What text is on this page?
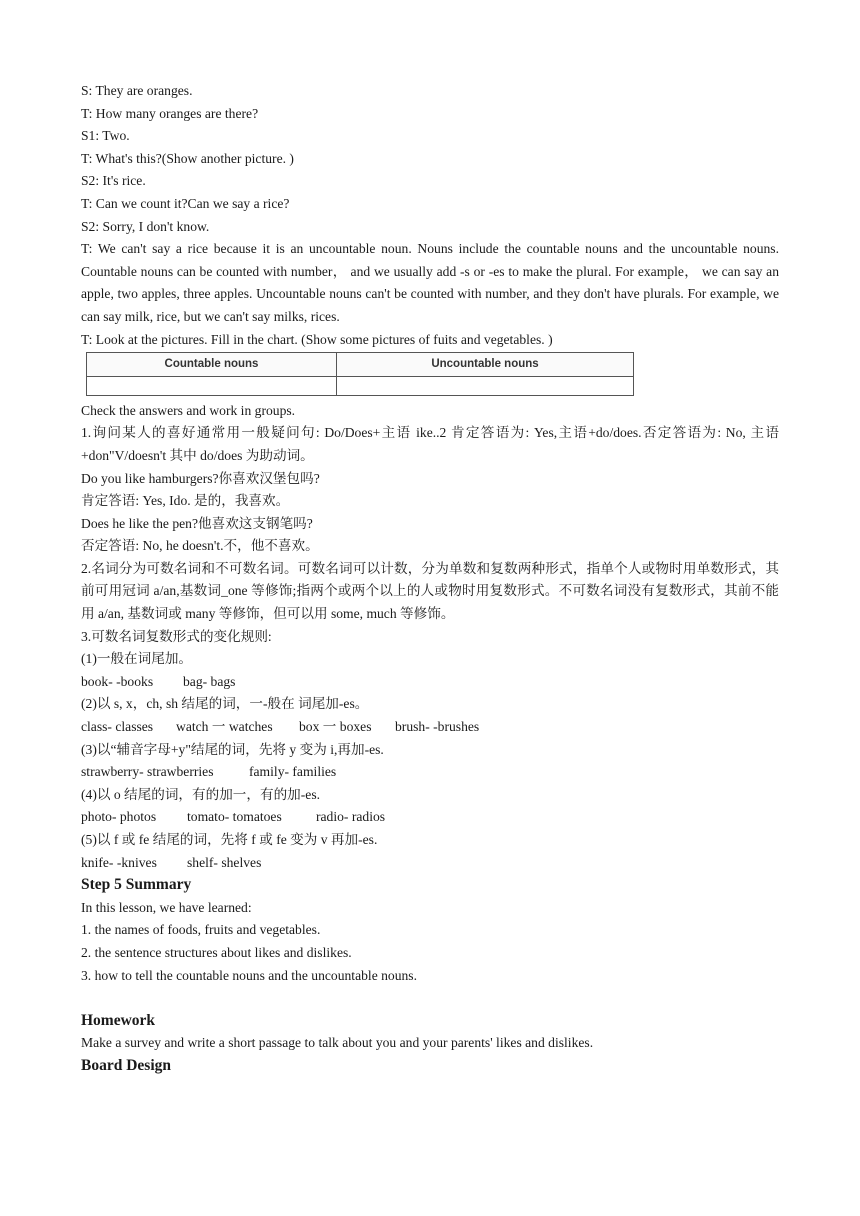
S: They are oranges.
T: How many oranges are there?
S1: Two.
T: What's this?(Show another picture. )
S2: It's rice.
T: Can we count it?Can we say a rice?
S2: Sorry, I don't know.
T: We can't say a rice because it is an uncountable noun. Nouns include the countable nouns and the uncountable nouns. Countable nouns can be counted with number， and we usually add -s or -es to make the plural. For example， we can say an apple, two apples, three apples. Uncountable nouns can't be counted with number, and they don't have plurals. For example, we can say milk, rice, but we can't say milks, rices.
T: Look at the pictures. Fill in the chart. (Show some pictures of fuits and vegetables. )
Countable nouns	Uncountable nouns

Check the answers and work in groups.
1.询问某人的喜好通常用一般疑问句: Do/Does+主语 ike..2 肯定答语为: Yes,主语+do/does.否定答语为: No, 主语+don"V/doesn't 其中 do/does 为助动词。
Do you like hamburgers?你喜欢汉堡包吗?
肯定答语: Yes, Ido. 是的，我喜欢。
Does he like the pen?他喜欢这支钢笔吗?
否定答语: No, he doesn't.不，他不喜欢。
2.名词分为可数名词和不可数名词。可数名词可以计数，分为单数和复数两种形式，指单个人或物时用单数形式，其前可用冠词 a/an,基数词_one 等修饰;指两个或两个以上的人或物时用复数形式。不可数名词没有复数形式，其前不能用 a/an, 基数词或 many 等修饰，但可以用 some, much 等修饰。
3.可数名词复数形式的变化规则:
(1)一般在词尾加。
book- -books bag- bags
(2)以 s, x，ch, sh 结尾的词，一-般在 词尾加-es。
class- classes watch 一 watches box 一 boxes brush- -brushes
(3)以“辅音字母+y"结尾的词，先将 y 变为 i,再加-es.
strawberry- strawberries	family- families
(4)以 o 结尾的词，有的加一，有的加-es.
photo- photos tomato- tomatoes	radio- radios
(5)以 f 或 fe 结尾的词，先将 f 或 fe 变为 v 再加-es.
knife- -knives shelf- shelves
Step 5 Summary
In this lesson, we have learned:
1. the names of foods, fruits and vegetables.
2. the sentence structures about likes and dislikes.
3. how to tell the countable nouns and the uncountable nouns.
Homework
Make a survey and write a short passage to talk about you and your parents' likes and dislikes.
Board Design
